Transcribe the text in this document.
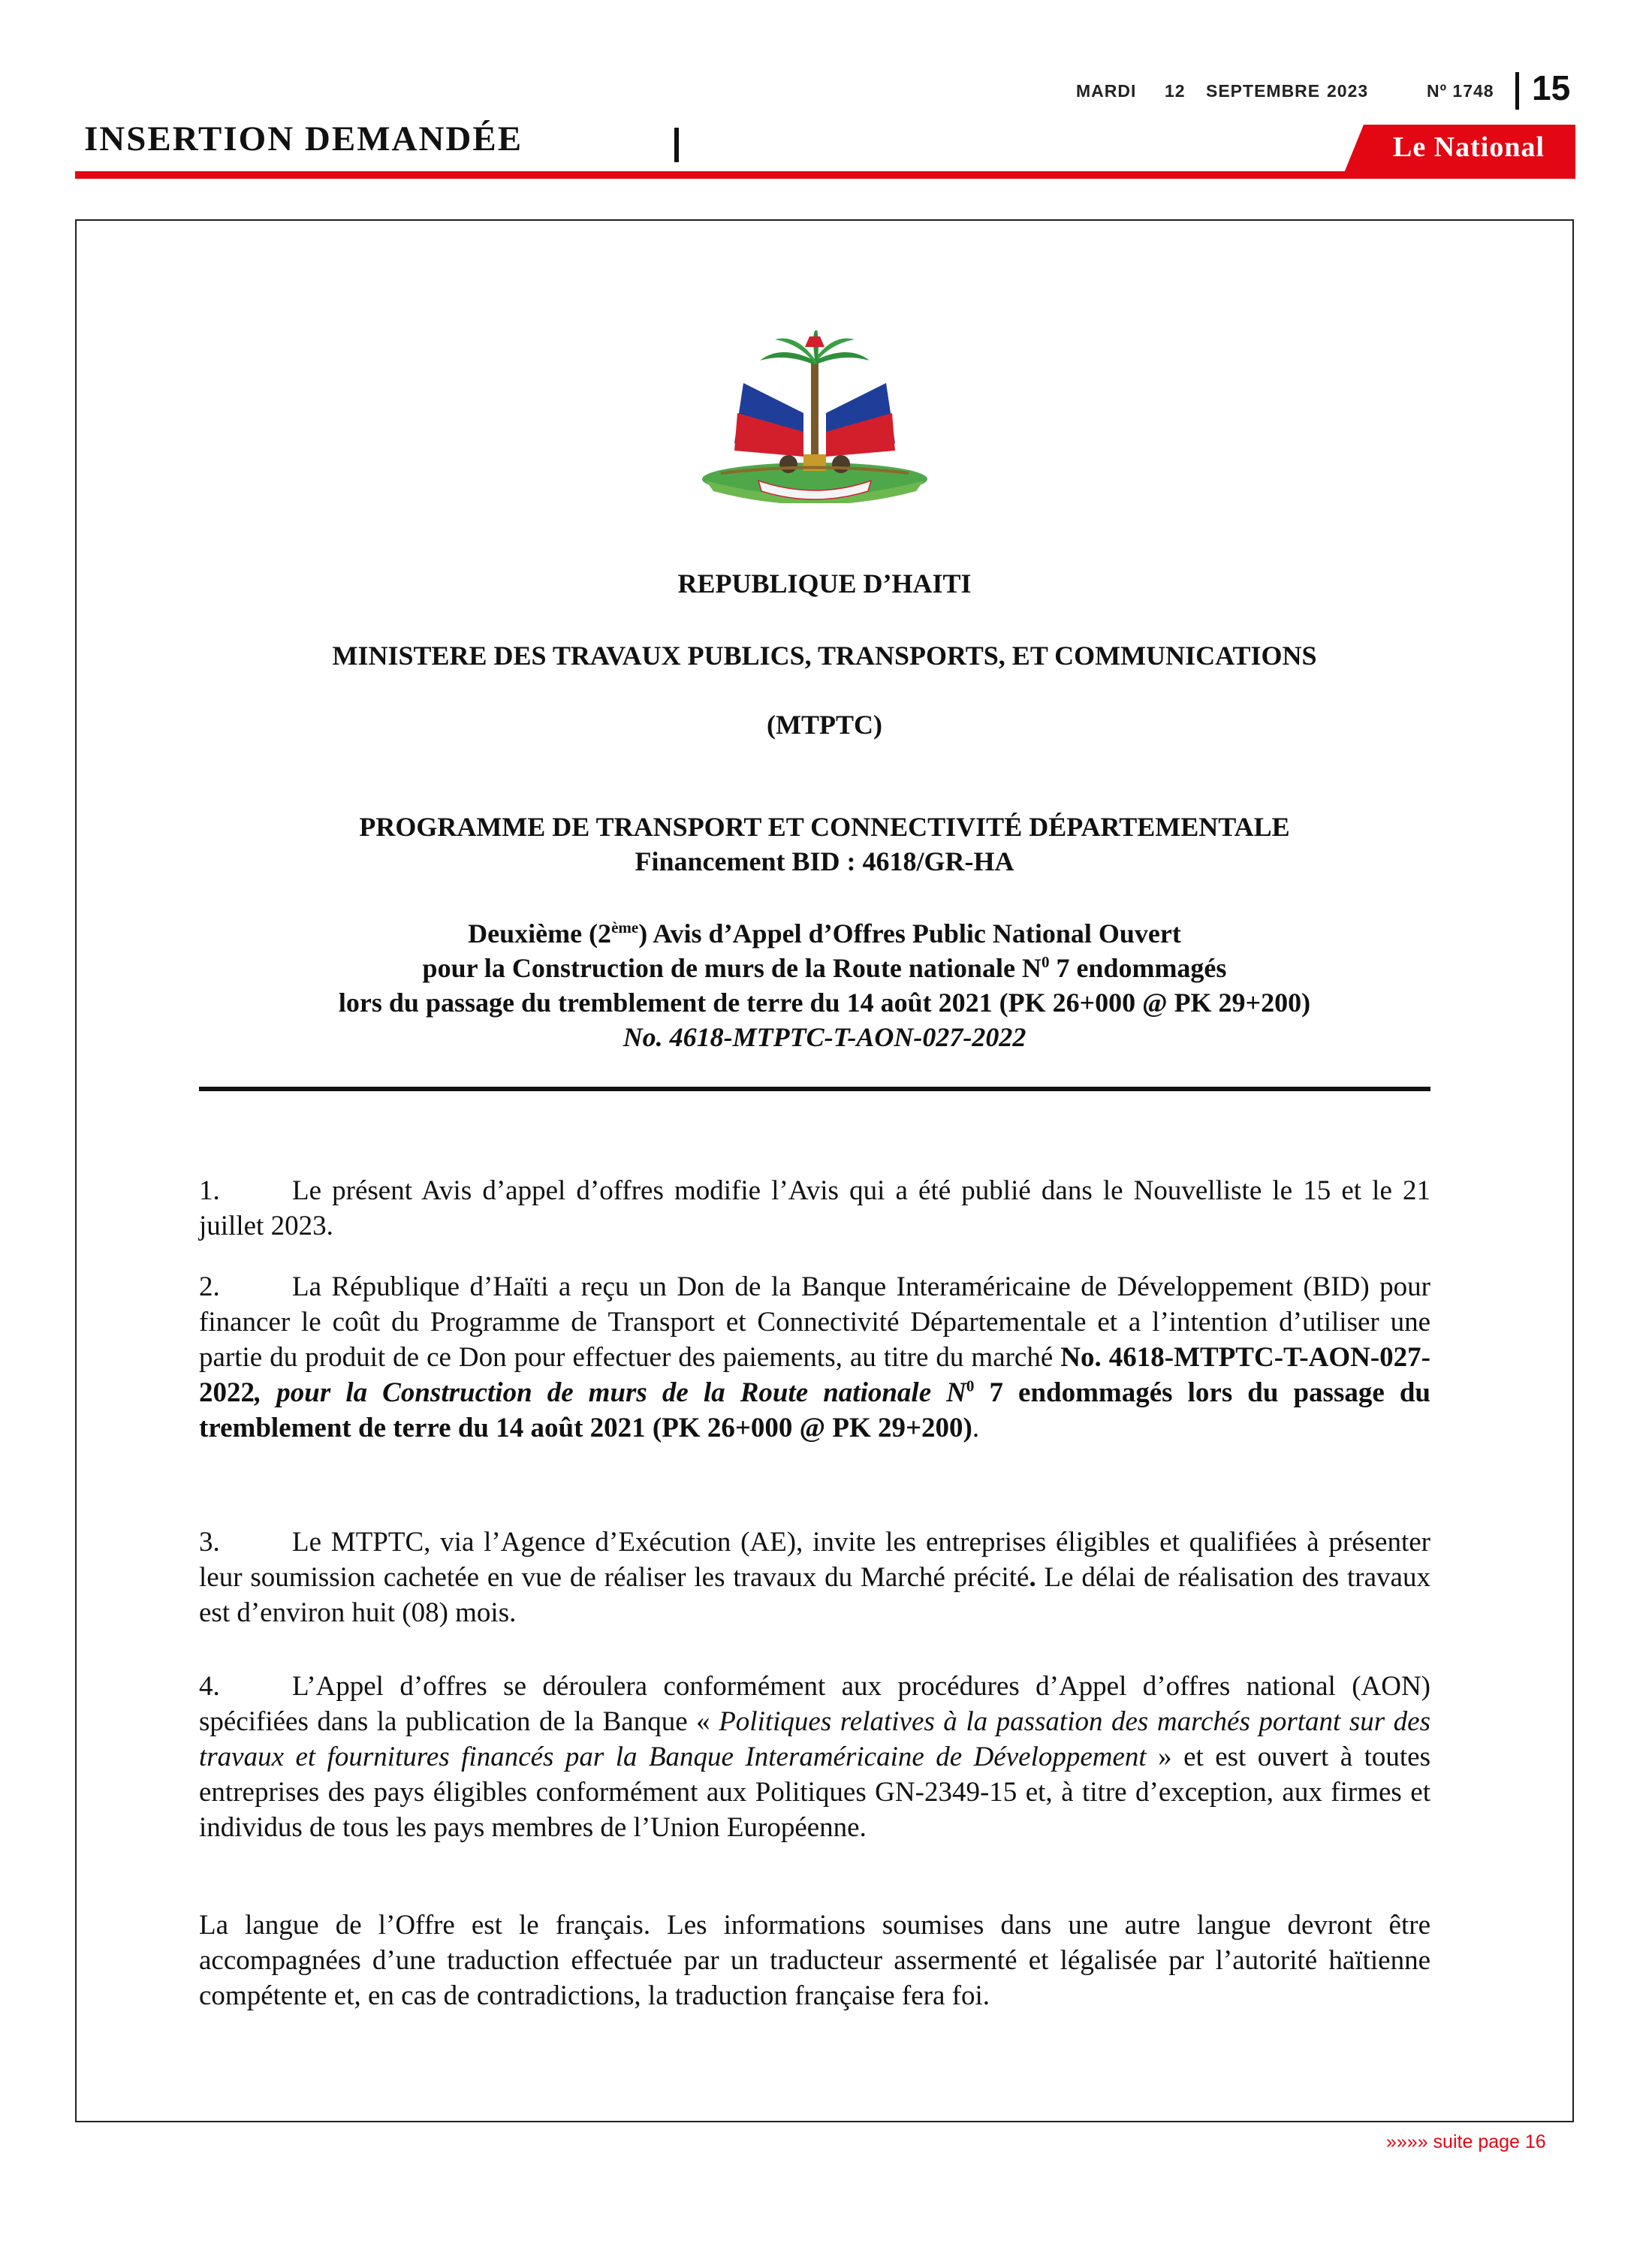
MARDI 12 SEPTEMBRE 2023	Nº 1748 15
INSERTION DEMANDÉE	Le National
REPUBLIQUE D’HAITI
MINISTERE DES TRAVAUX PUBLICS, TRANSPORTS, ET COMMUNICATIONS
(MTPTC)
PROGRAMME DE TRANSPORT ET CONNECTIVITÉ DÉPARTEMENTALE
Financement BID : 4618/GR-HA
Deuxième (2ème) Avis d’Appel d’Offres Public National Ouvert
pour la Construction de murs de la Route nationale $N^0$ 7 endommagés
lors du passage du tremblement de terre du 14 août 2021 (PK 26+000 @ PK 29+200)
No. 4618-MTPTC-T-AON-027-2022
1.	Le présent Avis d’appel d’offres modifie l’Avis qui a été publié dans le Nouvelliste le 15 et le 21 juillet 2023.
2.	La République d’Haïti a reçu un Don de la Banque Interaméricaine de Développement (BID) pour financer le coût du Programme de Transport et Connectivité Départementale et a l’intention d’utiliser une partie du produit de ce Don pour effectuer des paiements, au titre du marché No. 4618-MTPTC-T-AON-027-2022, pour la Construction de murs de la Route nationale $N^0$ 7 endommagés lors du passage du tremblement de terre du 14 août 2021 (PK 26+000 @ PK 29+200).
3.	Le MTPTC, via l’Agence d’Exécution (AE), invite les entreprises éligibles et qualifiées à présenter leur soumission cachetée en vue de réaliser les travaux du Marché précité. Le délai de réalisation des travaux est d’environ huit (08) mois.
4.	L’Appel d’offres se déroulera conformément aux procédures d’Appel d’offres national (AON) spécifiées dans la publication de la Banque « Politiques relatives à la passation des marchés portant sur des travaux et fournitures financés par la Banque Interaméricaine de Développement » et est ouvert à toutes entreprises des pays éligibles conformément aux Politiques GN-2349-15 et, à titre d’exception, aux firmes et individus de tous les pays membres de l’Union Européenne.
La langue de l’Offre est le français. Les informations soumises dans une autre langue devront être accompagnées d’une traduction effectuée par un traducteur assermenté et légalisée par l’autorité haïtienne compétente et, en cas de contradictions, la traduction française fera foi.
»»»» suite page 16
